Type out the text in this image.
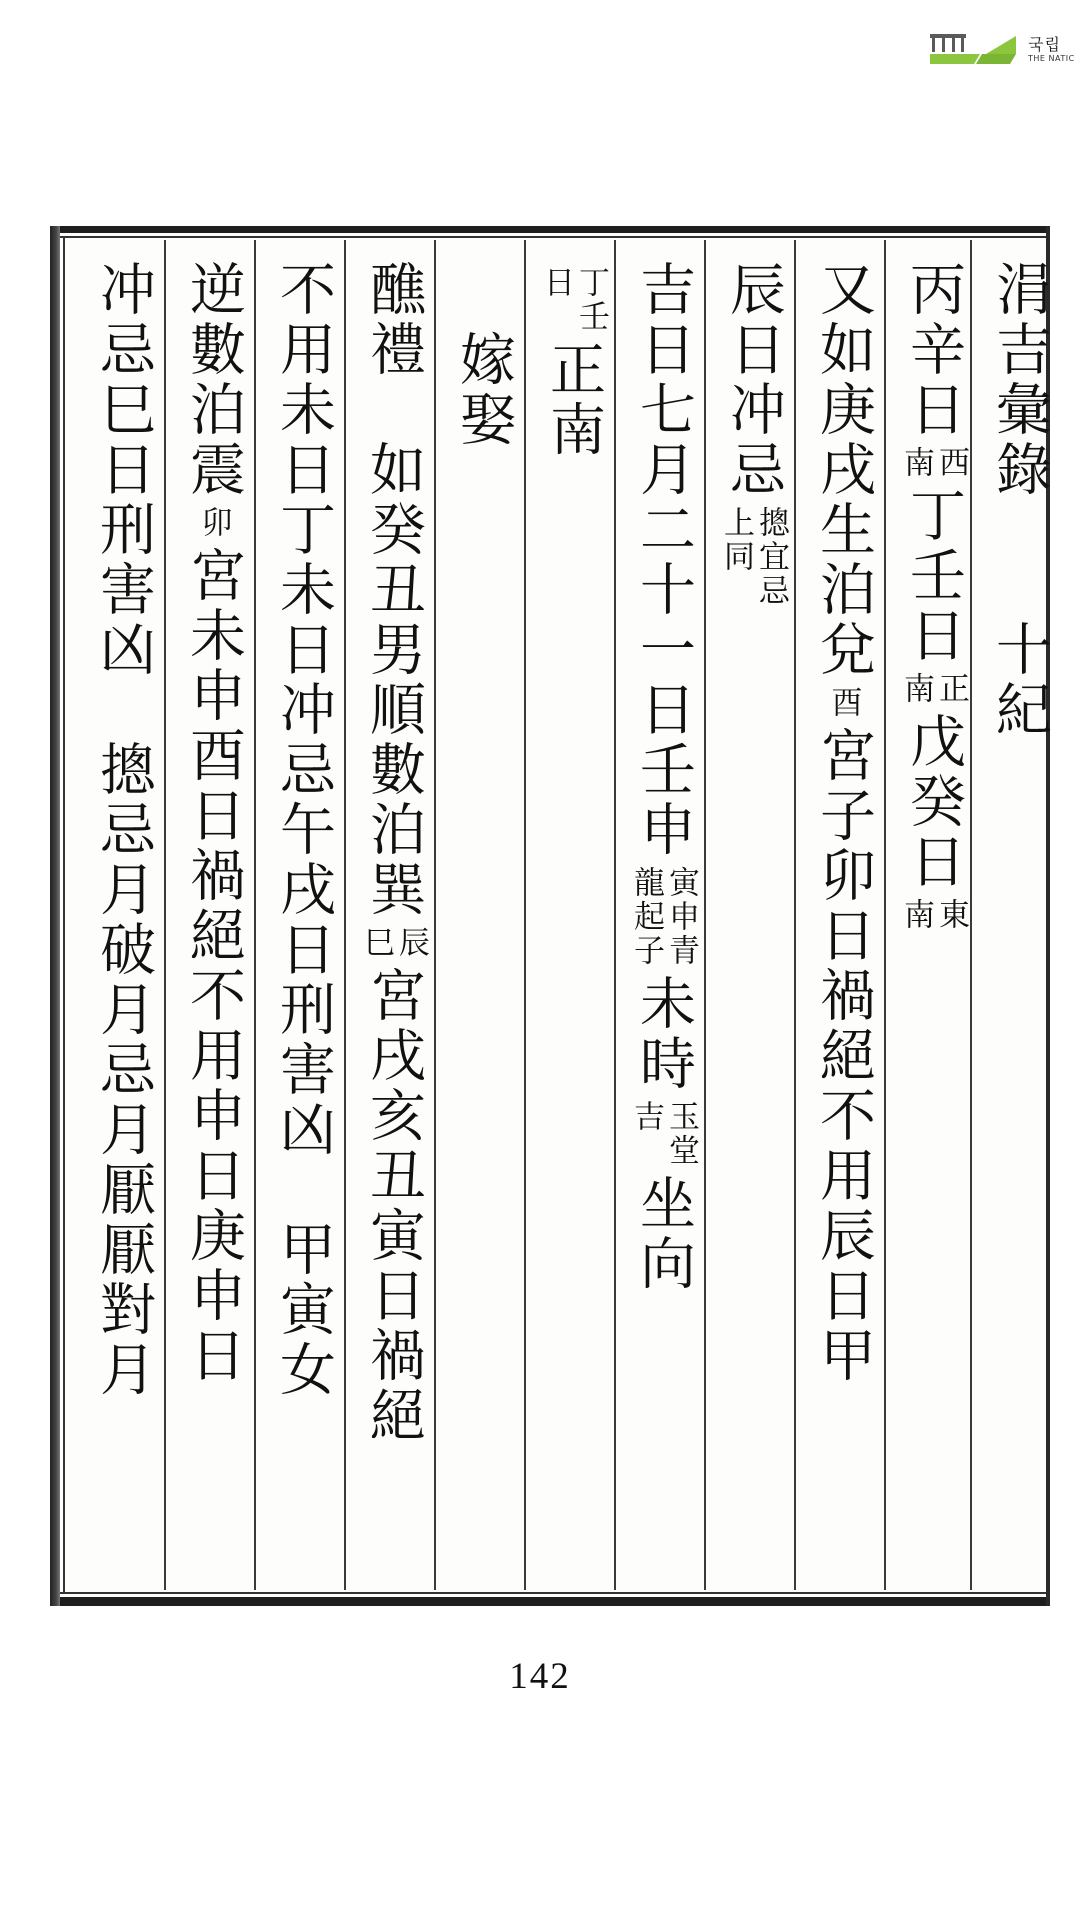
국립
THE NATIC
涓吉彙錄
十紀
丙辛日
西
南
丁壬日
正
南
戊癸日
東
南
又如庚戌生泊兌
酉
宮子卯日禍絕不用辰日甲
辰日冲忌
摠宜忌
上同
吉日七月二十一日壬申
寅申青
龍起子
未時
玉堂
吉
坐向
丁壬
日
正南
嫁娶
醮禮　如癸丑男順數泊巽
辰
巳
宮戌亥丑寅日禍絕
不用未日丁未日冲忌午戌日刑害凶　甲寅女
逆數泊震
卯
宮未申酉日禍絕不用申日庚申日
冲忌巳日刑害凶　摠忌月破月忌月厭厭對月
142
